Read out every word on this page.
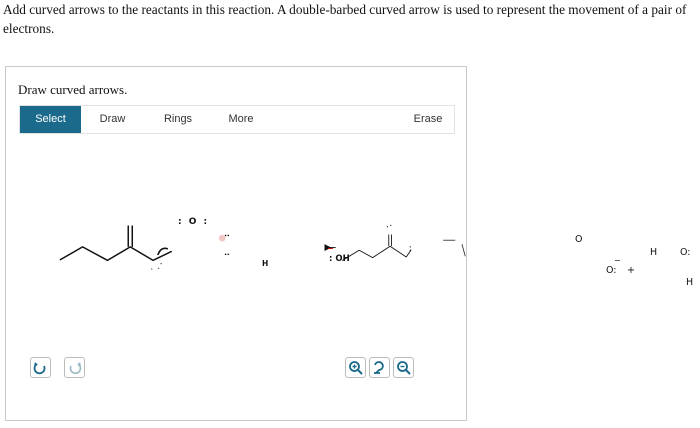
Add curved arrows to the reactants in this reaction. A double-barbed curved arrow is used to represent the movement of a pair of electrons.

Draw curved arrows.
Select	Draw	Rings	More	Erase
: O :
H	: OH
−
O
O:
−
+
H O:
H
